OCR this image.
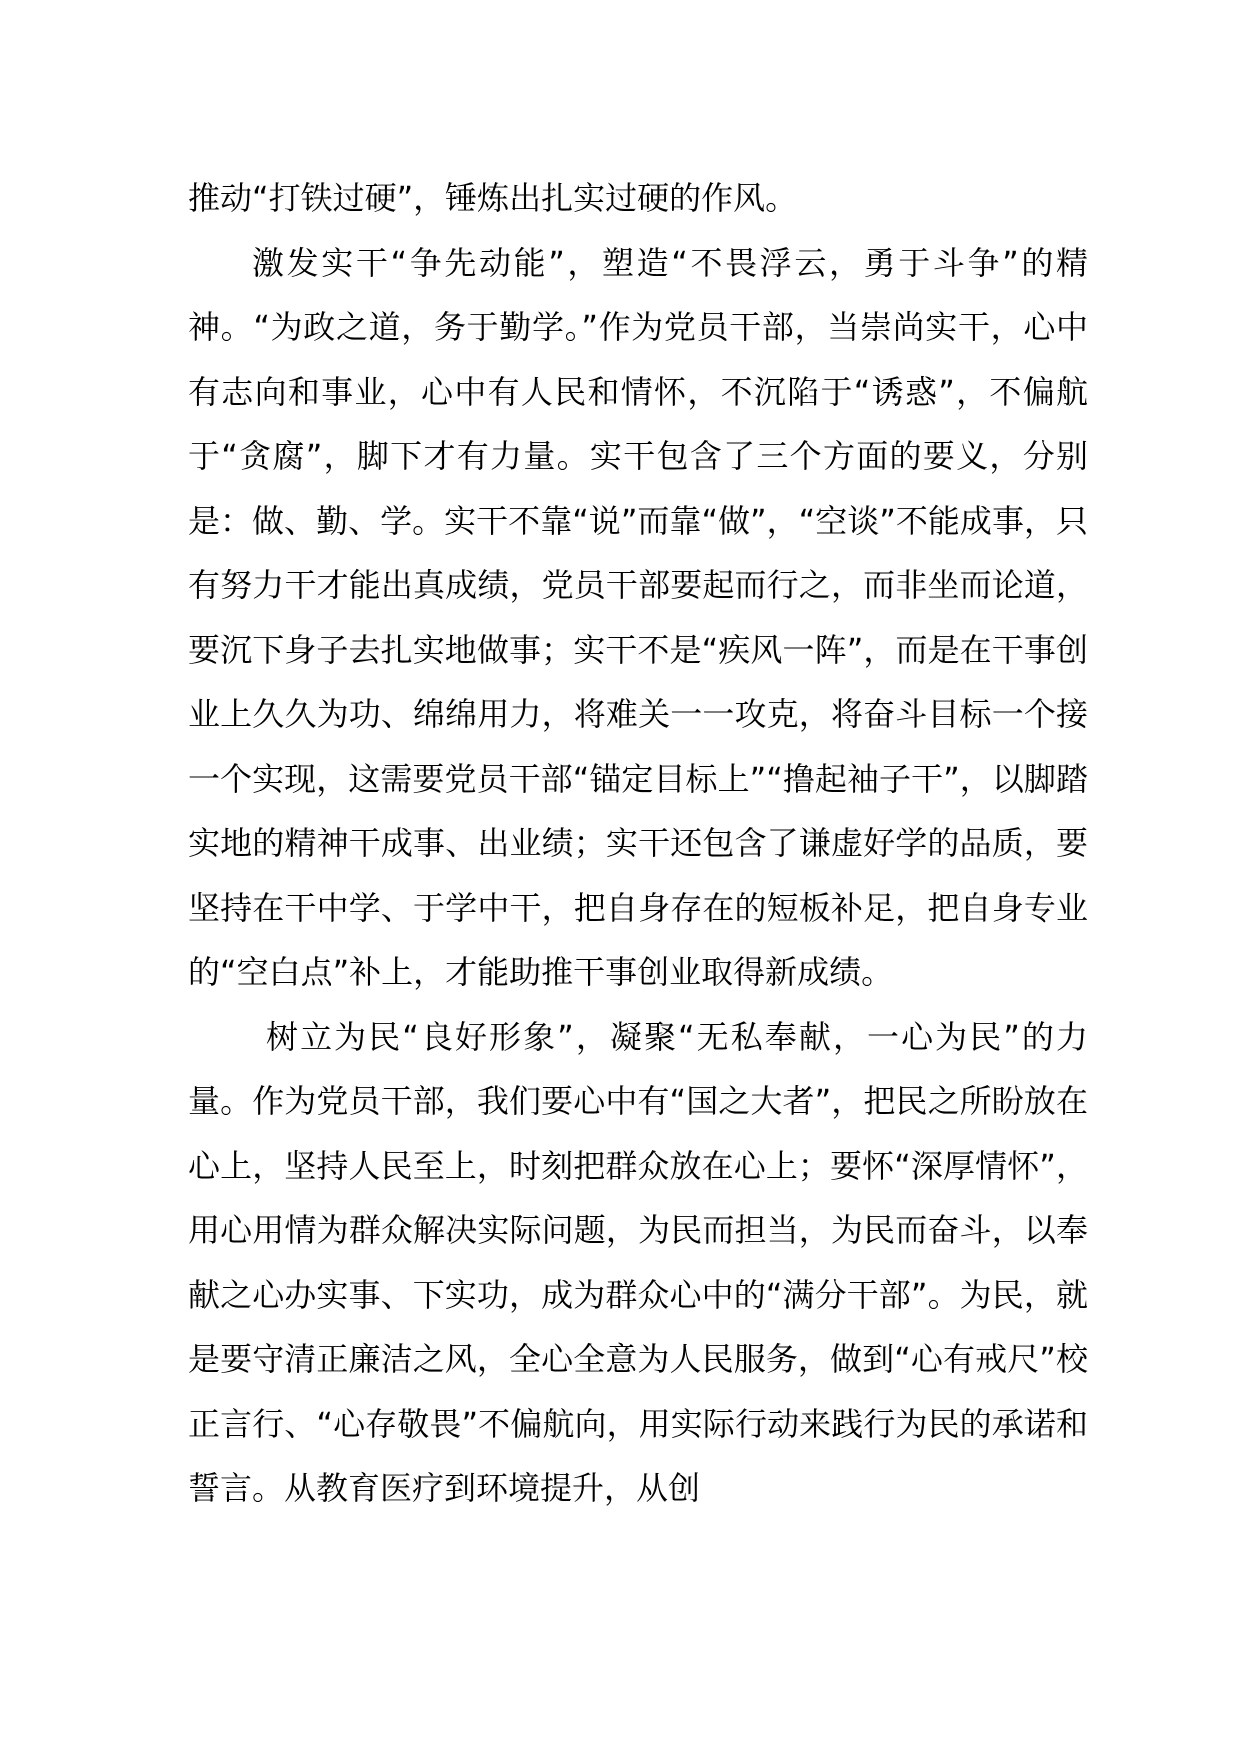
推动“打铁过硬”，锤炼出扎实过硬的作风。

激发实干“争先动能”，塑造“不畏浮云，勇于斗争”的精神。“为政之道，务于勤学。”作为党员干部，当崇尚实干，心中有志向和事业，心中有人民和情怀，不沉陷于“诱惑”，不偏航于“贪腐”，脚下才有力量。实干包含了三个方面的要义，分别是：做、勤、学。实干不靠“说”而靠“做”，“空谈”不能成事，只有努力干才能出真成绩，党员干部要起而行之，而非坐而论道，要沉下身子去扎实地做事；实干不是“疾风一阵”，而是在干事创业上久久为功、绵绵用力，将难关一一攻克，将奋斗目标一个接一个实现，这需要党员干部“锚定目标上”“撸起袖子干”，以脚踏实地的精神干成事、出业绩；实干还包含了谦虚好学的品质，要坚持在干中学、于学中干，把自身存在的短板补足，把自身专业的“空白点”补上，才能助推干事创业取得新成绩。

树立为民“良好形象”，凝聚“无私奉献，一心为民”的力量。作为党员干部，我们要心中有“国之大者”，把民之所盼放在心上，坚持人民至上，时刻把群众放在心上；要怀“深厚情怀”，用心用情为群众解决实际问题，为民而担当，为民而奋斗，以奉献之心办实事、下实功，成为群众心中的“满分干部”。为民，就是要守清正廉洁之风，全心全意为人民服务，做到“心有戒尺”校正言行、“心存敬畏”不偏航向，用实际行动来践行为民的承诺和誓言。从教育医疗到环境提升，从创
